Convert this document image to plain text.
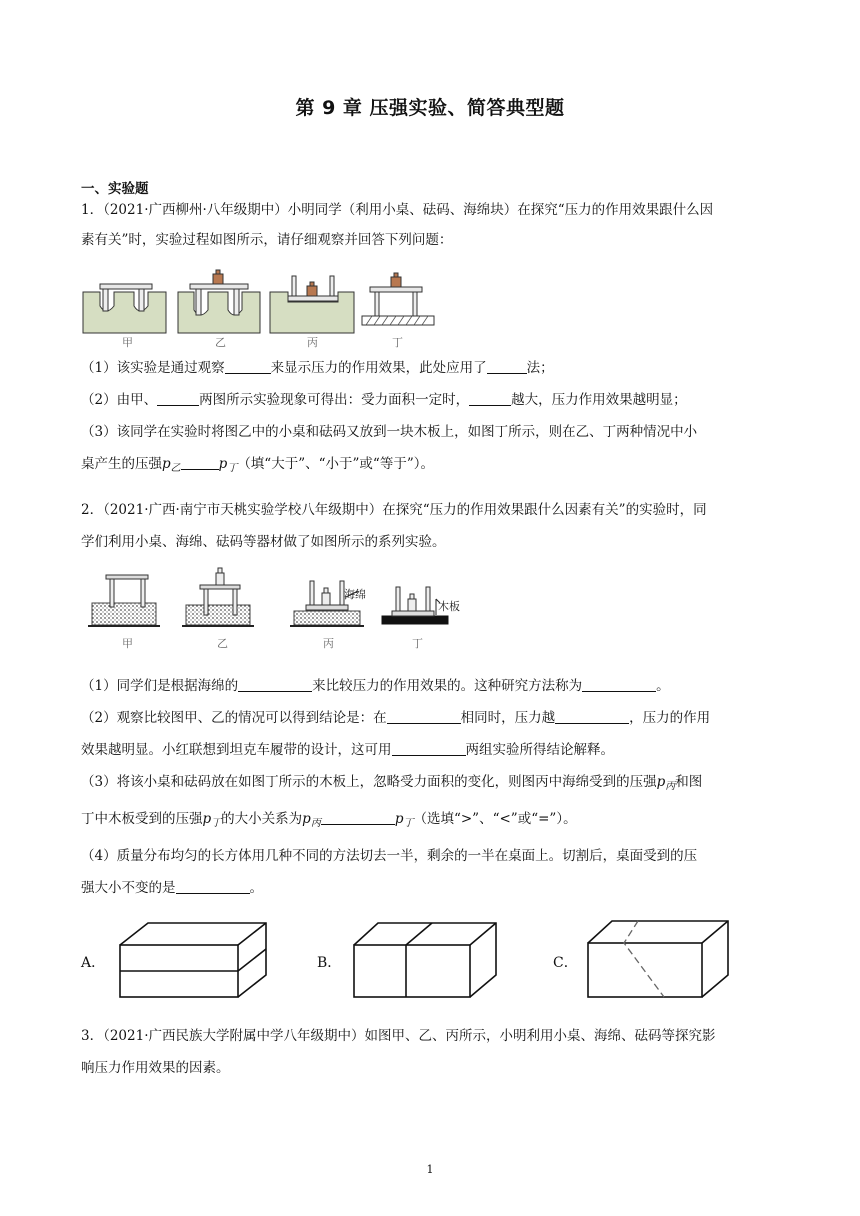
第 9 章 压强实验、简答典型题
一、实验题
1．（2021·广西柳州·八年级期中）小明同学（利用小桌、砝码、海绵块）在探究“压力的作用效果跟什么因
素有关”时，实验过程如图所示，请仔细观察并回答下列问题：
甲	乙	丙	丁
（1）该实验是通过观察	来显示压力的作用效果，此处应用了	法；
（2）由甲、	两图所示实验现象可得出：受力面积一定时，	越大，压力作用效果越明显；
（3）该同学在实验时将图乙中的小桌和砝码又放到一块木板上，如图丁所示，则在乙、丁两种情况中小
桌产生的压强$p_乙$	$p_丁$（填“大于”、“小于”或“等于”）。
2．（2021·广西·南宁市天桃实验学校八年级期中）在探究“压力的作用效果跟什么因素有关”的实验时，同
学们利用小桌、海绵、砝码等器材做了如图所示的系列实验。
甲	乙
海绵
丙
木板
丁
（1）同学们是根据海绵的	来比较压力的作用效果的。这种研究方法称为	。
（2）观察比较图甲、乙的情况可以得到结论是：在	相同时，压力越	，压力的作用
效果越明显。小红联想到坦克车履带的设计，这可用	两组实验所得结论解释。
（3）将该小桌和砝码放在如图丁所示的木板上，忽略受力面积的变化，则图丙中海绵受到的压强$p_丙$和图
丁中木板受到的压强$p_丁$的大小关系为$p_丙$	$p_丁$（选填“>”、“<”或“=”）。
（4）质量分布均匀的长方体用几种不同的方法切去一半，剩余的一半在桌面上。切割后，桌面受到的压
强大小不变的是	。
A．	B．	C．
3．（2021·广西民族大学附属中学八年级期中）如图甲、乙、丙所示，小明利用小桌、海绵、砝码等探究影
响压力作用效果的因素。
1
